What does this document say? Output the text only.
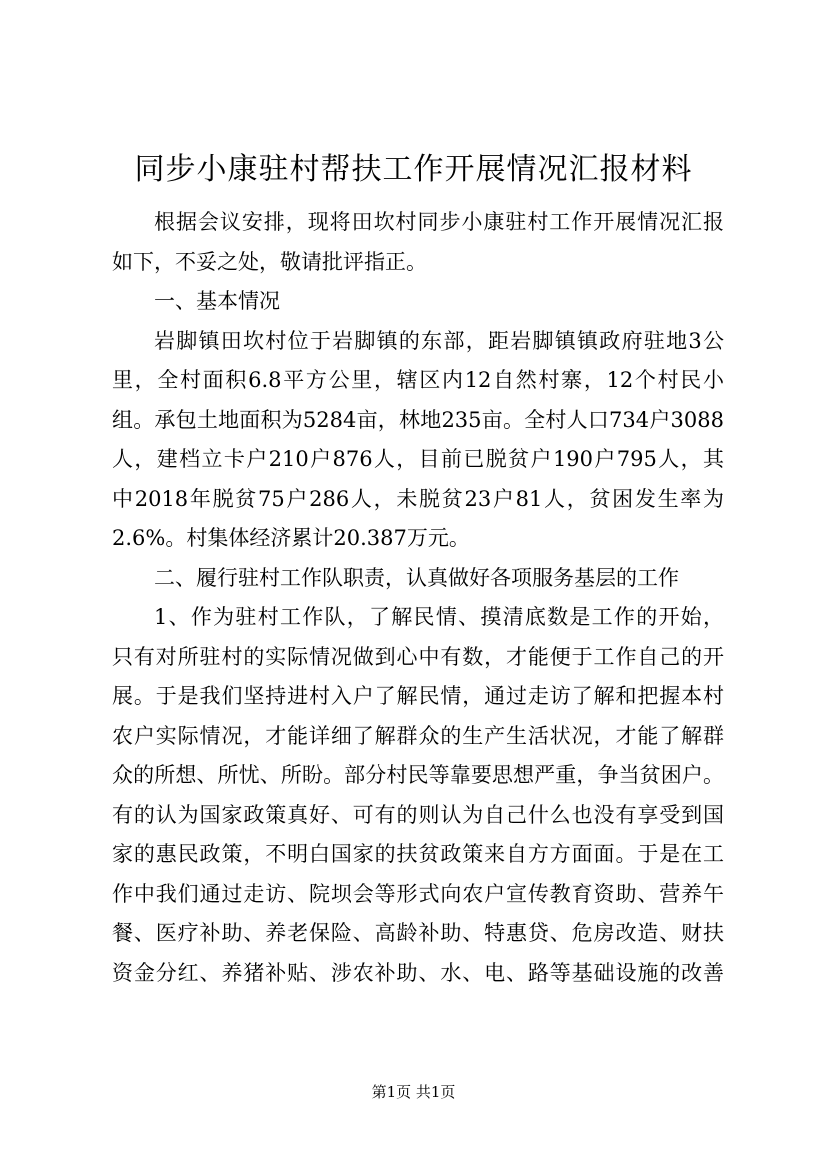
同步小康驻村帮扶工作开展情况汇报材料
根据会议安排，现将田坎村同步小康驻村工作开展情况汇报
如下，不妥之处，敬请批评指正。
一、基本情况
岩脚镇田坎村位于岩脚镇的东部，距岩脚镇镇政府驻地3公
里，全村面积6.8平方公里，辖区内12自然村寨，12个村民小
组。承包土地面积为5284亩，林地235亩。全村人口734户3088
人，建档立卡户210户876人，目前已脱贫户190户795人，其
中2018年脱贫75户286人，未脱贫23户81人，贫困发生率为
2.6%。村集体经济累计20.387万元。
二、履行驻村工作队职责，认真做好各项服务基层的工作
1、作为驻村工作队，了解民情、摸清底数是工作的开始，
只有对所驻村的实际情况做到心中有数，才能便于工作自己的开
展。于是我们坚持进村入户了解民情，通过走访了解和把握本村
农户实际情况，才能详细了解群众的生产生活状况，才能了解群
众的所想、所忧、所盼。部分村民等靠要思想严重，争当贫困户。
有的认为国家政策真好、可有的则认为自己什么也没有享受到国
家的惠民政策，不明白国家的扶贫政策来自方方面面。于是在工
作中我们通过走访、院坝会等形式向农户宣传教育资助、营养午
餐、医疗补助、养老保险、高龄补助、特惠贷、危房改造、财扶
资金分红、养猪补贴、涉农补助、水、电、路等基础设施的改善
第1页 共1页
